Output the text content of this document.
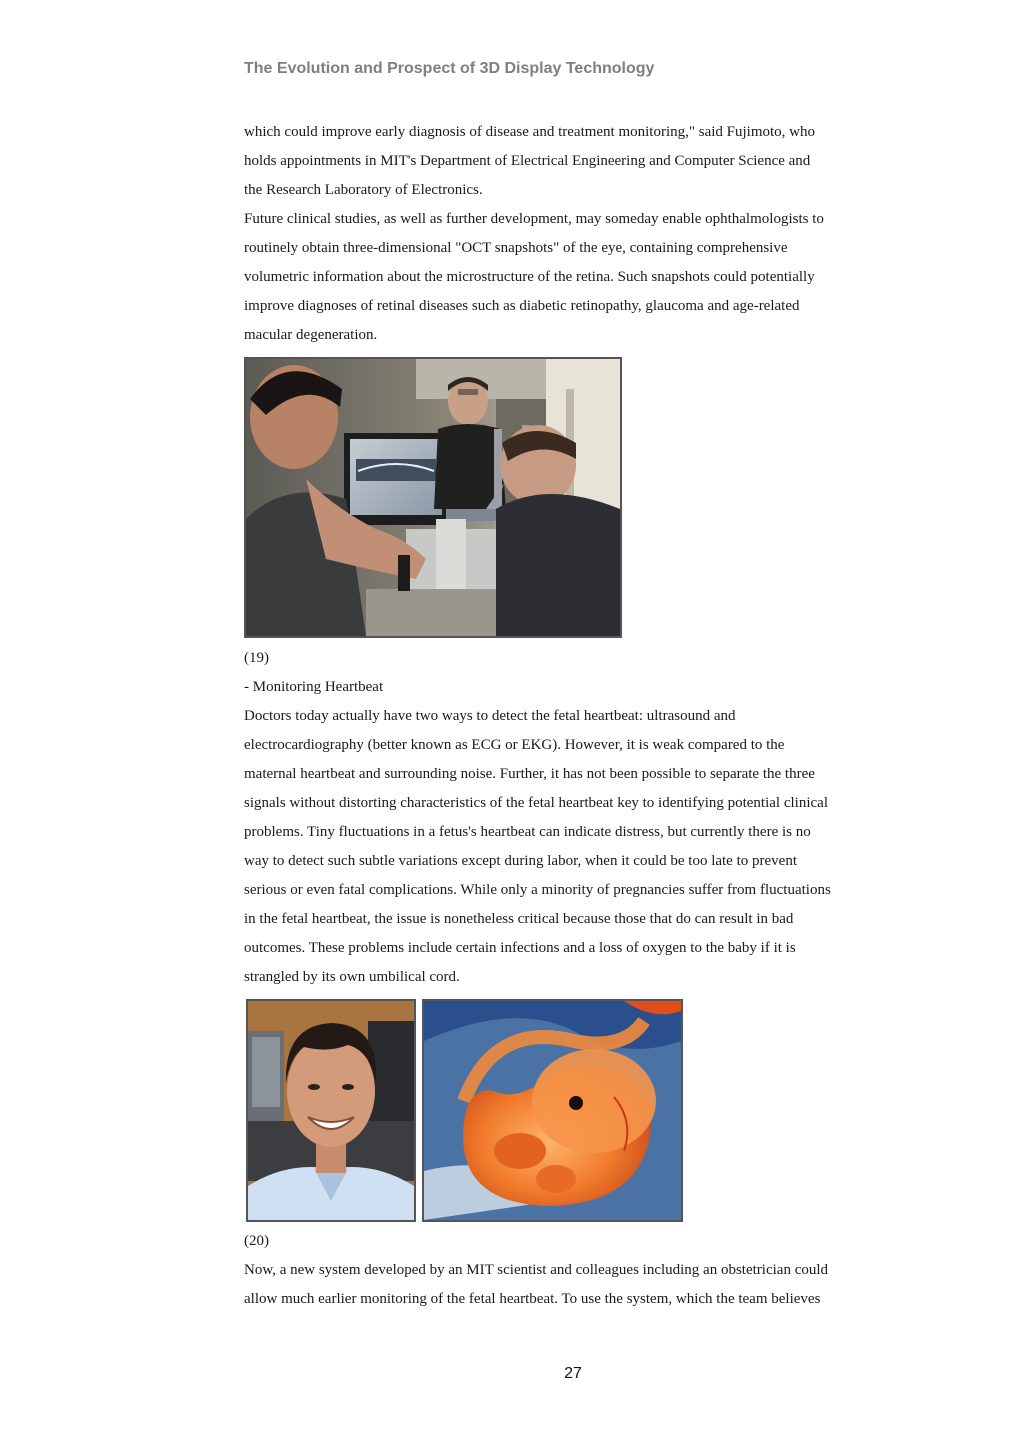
The Evolution and Prospect of 3D Display Technology
which could improve early diagnosis of disease and treatment monitoring," said Fujimoto, who
holds appointments in MIT's Department of Electrical Engineering and Computer Science and
the Research Laboratory of Electronics.
Future clinical studies, as well as further development, may someday enable ophthalmologists to
routinely obtain three-dimensional "OCT snapshots" of the eye, containing comprehensive
volumetric information about the microstructure of the retina. Such snapshots could potentially
improve diagnoses of retinal diseases such as diabetic retinopathy, glaucoma and age-related
macular degeneration.
(19)
- Monitoring Heartbeat
Doctors today actually have two ways to detect the fetal heartbeat: ultrasound and
electrocardiography (better known as ECG or EKG). However, it is weak compared to the
maternal heartbeat and surrounding noise. Further, it has not been possible to separate the three
signals without distorting characteristics of the fetal heartbeat key to identifying potential clinical
problems. Tiny fluctuations in a fetus's heartbeat can indicate distress, but currently there is no
way to detect such subtle variations except during labor, when it could be too late to prevent
serious or even fatal complications. While only a minority of pregnancies suffer from fluctuations
in the fetal heartbeat, the issue is nonetheless critical because those that do can result in bad
outcomes. These problems include certain infections and a loss of oxygen to the baby if it is
strangled by its own umbilical cord.
(20)
Now, a new system developed by an MIT scientist and colleagues including an obstetrician could
allow much earlier monitoring of the fetal heartbeat. To use the system, which the team believes
27
